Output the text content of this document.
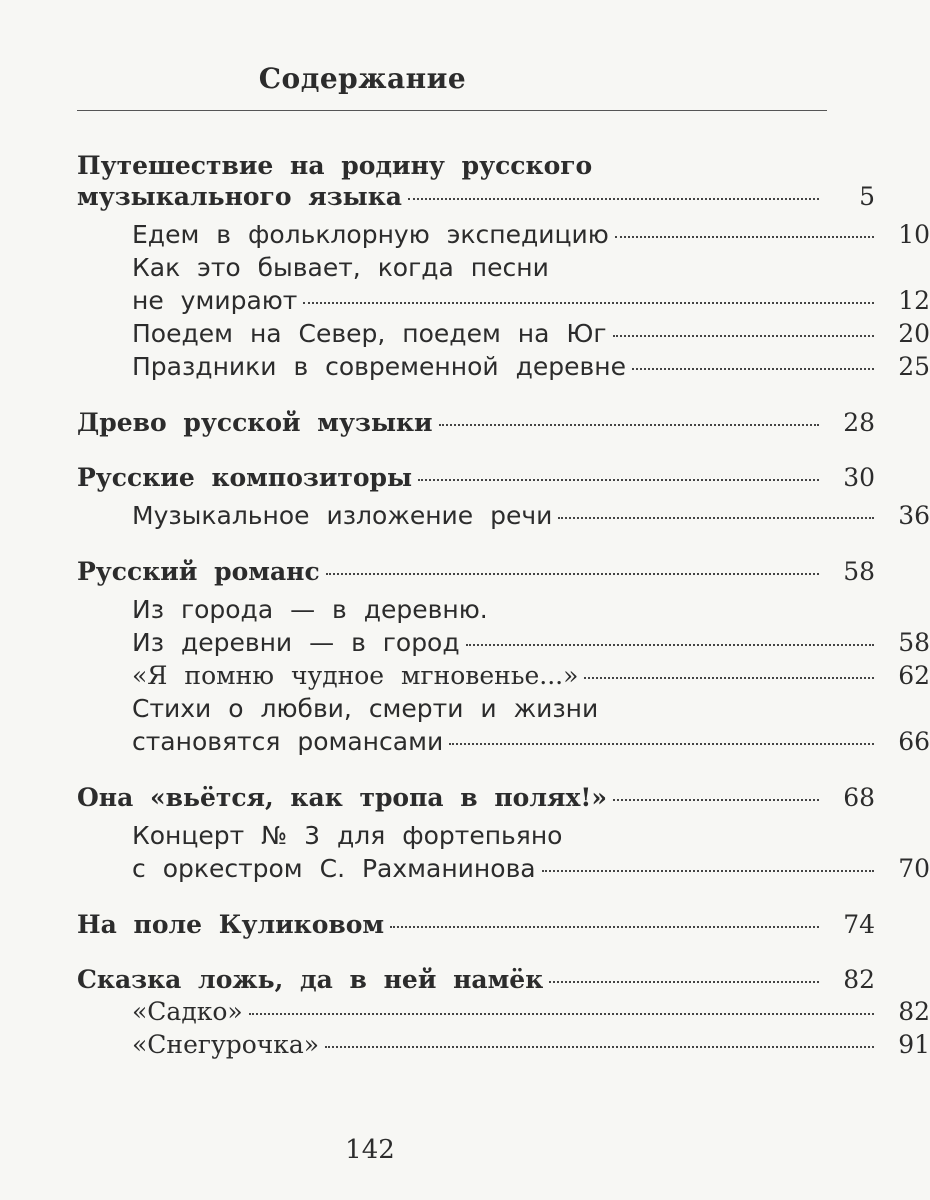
Содержание
Путешествие на родину русского
музыкального языка	5
Едем в фольклорную экспедицию	10
Как это бывает, когда песни
не умирают	12
Поедем на Север, поедем на Юг	20
Праздники в современной деревне	25
Древо русской музыки	28
Русские композиторы	30
Музыкальное изложение речи	36
Русский романс	58
Из города — в деревню.
Из деревни — в город	58
«Я помню чудное мгновенье...»	62
Стихи о любви, смерти и жизни
становятся романсами	66
Она «вьётся, как тропа в полях!»	68
Концерт № 3 для фортепьяно
с оркестром С. Рахманинова	70
На поле Куликовом	74
Сказка ложь, да в ней намёк	82
«Садко»	82
«Снегурочка»	91
142
